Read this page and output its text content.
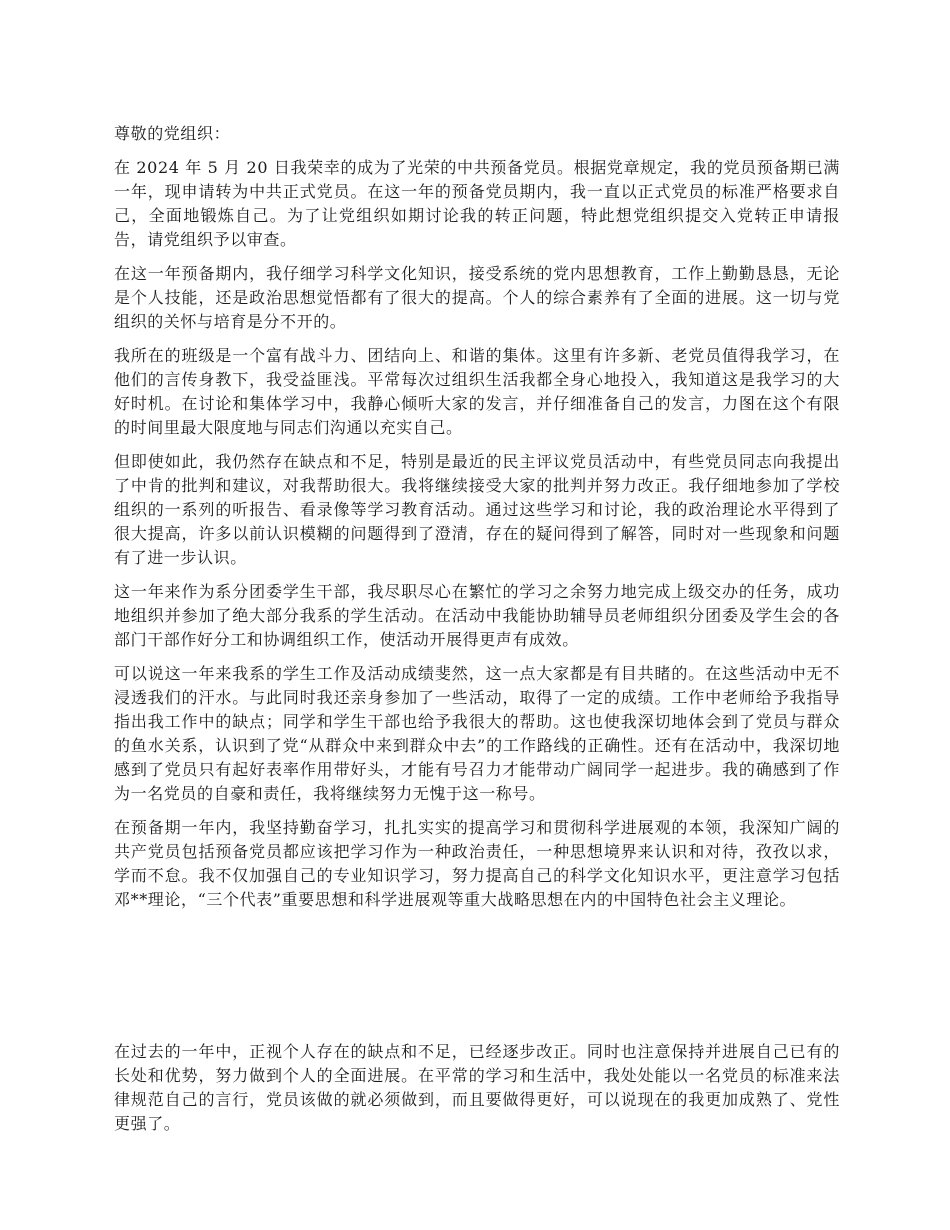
尊敬的党组织：

在 2024 年 5 月 20 日我荣幸的成为了光荣的中共预备党员。根据党章规定，我的党员预备期已满一年，现申请转为中共正式党员。在这一年的预备党员期内，我一直以正式党员的标准严格要求自己，全面地锻炼自己。为了让党组织如期讨论我的转正问题，特此想党组织提交入党转正申请报告，请党组织予以审查。

在这一年预备期内，我仔细学习科学文化知识，接受系统的党内思想教育，工作上勤勤恳恳，无论是个人技能，还是政治思想觉悟都有了很大的提高。个人的综合素养有了全面的进展。这一切与党组织的关怀与培育是分不开的。

我所在的班级是一个富有战斗力、团结向上、和谐的集体。这里有许多新、老党员值得我学习，在他们的言传身教下，我受益匪浅。平常每次过组织生活我都全身心地投入，我知道这是我学习的大好时机。在讨论和集体学习中，我静心倾听大家的发言，并仔细准备自己的发言，力图在这个有限的时间里最大限度地与同志们沟通以充实自己。

但即使如此，我仍然存在缺点和不足，特别是最近的民主评议党员活动中，有些党员同志向我提出了中肯的批判和建议，对我帮助很大。我将继续接受大家的批判并努力改正。我仔细地参加了学校组织的一系列的听报告、看录像等学习教育活动。通过这些学习和讨论，我的政治理论水平得到了很大提高，许多以前认识模糊的问题得到了澄清，存在的疑问得到了解答，同时对一些现象和问题有了进一步认识。

这一年来作为系分团委学生干部，我尽职尽心在繁忙的学习之余努力地完成上级交办的任务，成功地组织并参加了绝大部分我系的学生活动。在活动中我能协助辅导员老师组织分团委及学生会的各部门干部作好分工和协调组织工作，使活动开展得更声有成效。

可以说这一年来我系的学生工作及活动成绩斐然，这一点大家都是有目共睹的。在这些活动中无不浸透我们的汗水。与此同时我还亲身参加了一些活动，取得了一定的成绩。工作中老师给予我指导指出我工作中的缺点；同学和学生干部也给予我很大的帮助。这也使我深切地体会到了党员与群众的鱼水关系，认识到了党“从群众中来到群众中去”的工作路线的正确性。还有在活动中，我深切地感到了党员只有起好表率作用带好头，才能有号召力才能带动广阔同学一起进步。我的确感到了作为一名党员的自豪和责任，我将继续努力无愧于这一称号。

在预备期一年内，我坚持勤奋学习，扎扎实实的提高学习和贯彻科学进展观的本领，我深知广阔的共产党员包括预备党员都应该把学习作为一种政治责任，一种思想境界来认识和对待，孜孜以求，学而不怠。我不仅加强自己的专业知识学习，努力提高自己的科学文化知识水平，更注意学习包括邓**理论，“三个代表”重要思想和科学进展观等重大战略思想在内的中国特色社会主义理论。

在过去的一年中，正视个人存在的缺点和不足，已经逐步改正。同时也注意保持并进展自己已有的长处和优势，努力做到个人的全面进展。在平常的学习和生活中，我处处能以一名党员的标准来法律规范自己的言行，党员该做的就必须做到，而且要做得更好，可以说现在的我更加成熟了、党性更强了。
